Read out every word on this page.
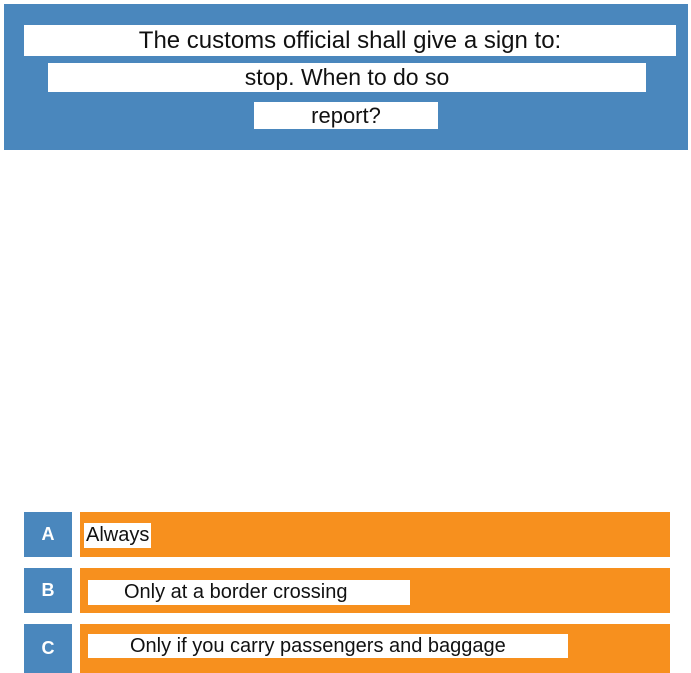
The customs official shall give a sign to:
stop. When to do so
report?
A	Always
B	Only at a border crossing
C	Only if you carry passengers and baggage
